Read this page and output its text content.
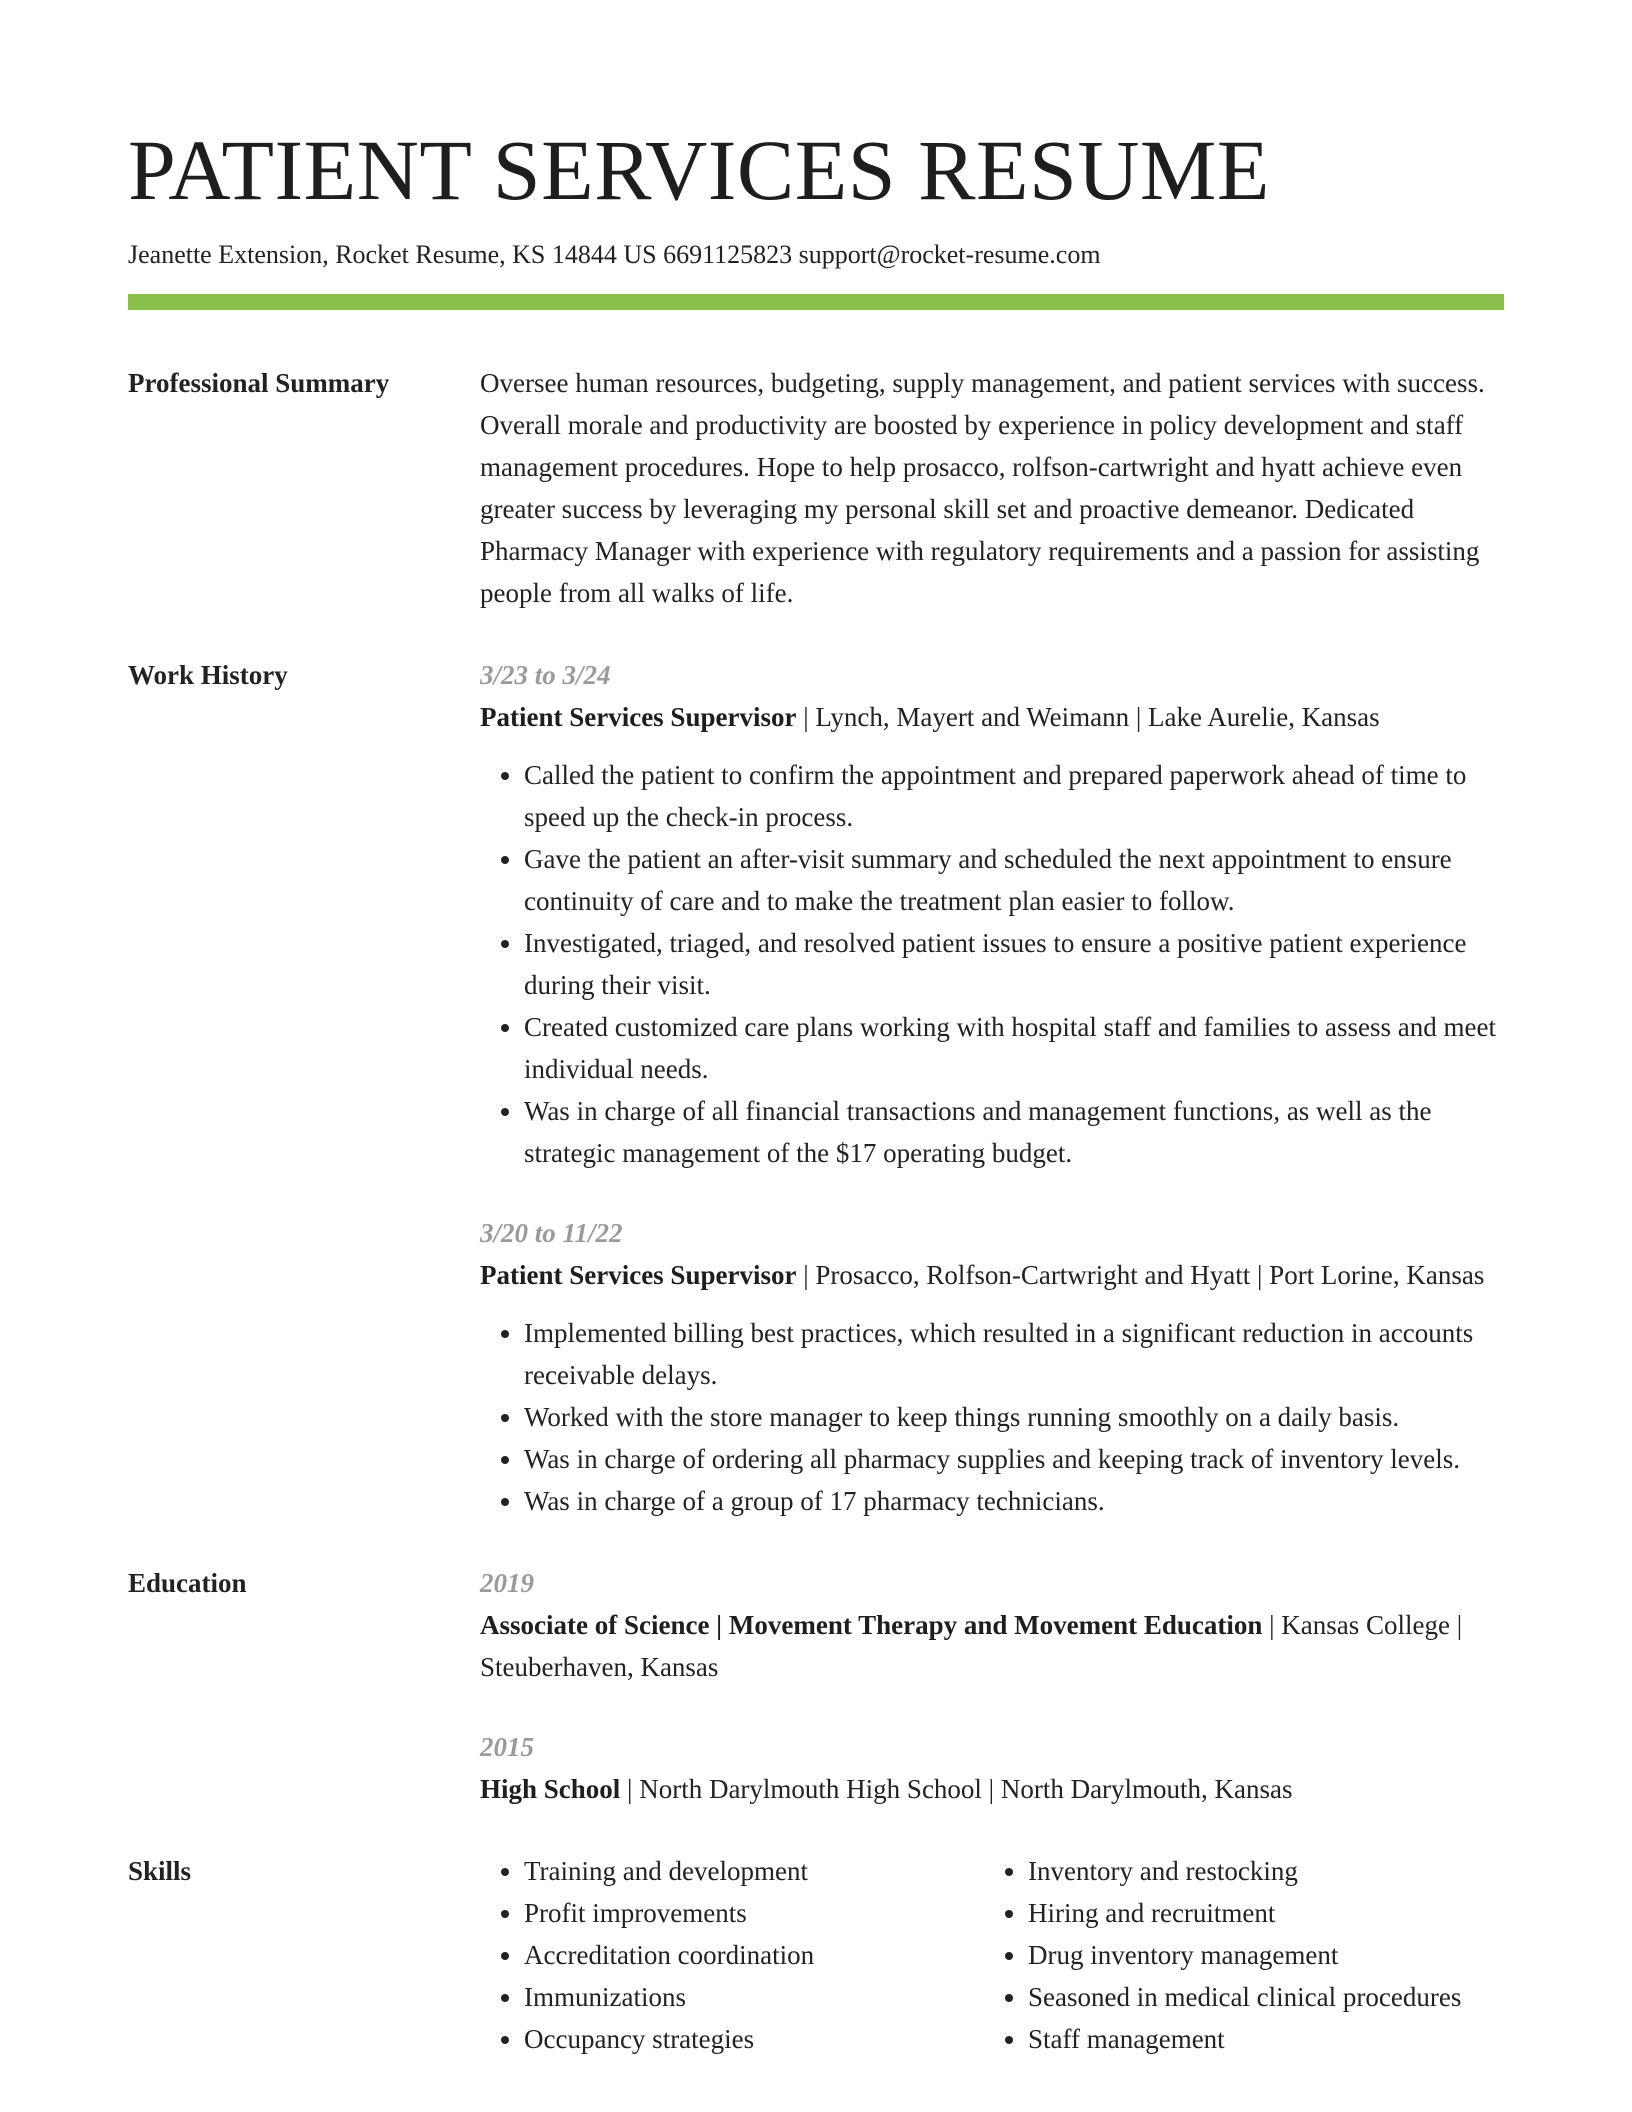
PATIENT SERVICES RESUME
Jeanette Extension, Rocket Resume, KS 14844 US 6691125823 support@rocket-resume.com
Professional Summary	Oversee human resources, budgeting, supply management, and patient services with success. Overall morale and productivity are boosted by experience in policy development and staff management procedures. Hope to help prosacco, rolfson-cartwright and hyatt achieve even greater success by leveraging my personal skill set and proactive demeanor. Dedicated Pharmacy Manager with experience with regulatory requirements and a passion for assisting people from all walks of life.

Work History	3/23 to 3/24
Patient Services Supervisor | Lynch, Mayert and Weimann | Lake Aurelie, Kansas
• Called the patient to confirm the appointment and prepared paperwork ahead of time to speed up the check-in process.
• Gave the patient an after-visit summary and scheduled the next appointment to ensure continuity of care and to make the treatment plan easier to follow.
• Investigated, triaged, and resolved patient issues to ensure a positive patient experience during their visit.
• Created customized care plans working with hospital staff and families to assess and meet individual needs.
• Was in charge of all financial transactions and management functions, as well as the strategic management of the $17 operating budget.
3/20 to 11/22
Patient Services Supervisor | Prosacco, Rolfson-Cartwright and Hyatt | Port Lorine, Kansas
• Implemented billing best practices, which resulted in a significant reduction in accounts receivable delays.
• Worked with the store manager to keep things running smoothly on a daily basis.
• Was in charge of ordering all pharmacy supplies and keeping track of inventory levels.
• Was in charge of a group of 17 pharmacy technicians.
Education	2019
Associate of Science | Movement Therapy and Movement Education | Kansas College | Steuberhaven, Kansas
2015
High School | North Darylmouth High School | North Darylmouth, Kansas
Skills
•	Training and development
• Profit improvements
• Accreditation coordination
• Immunizations
• Occupancy strategies
• Inventory and restocking
• Hiring and recruitment
• Drug inventory management
• Seasoned in medical clinical procedures
• Staff management
